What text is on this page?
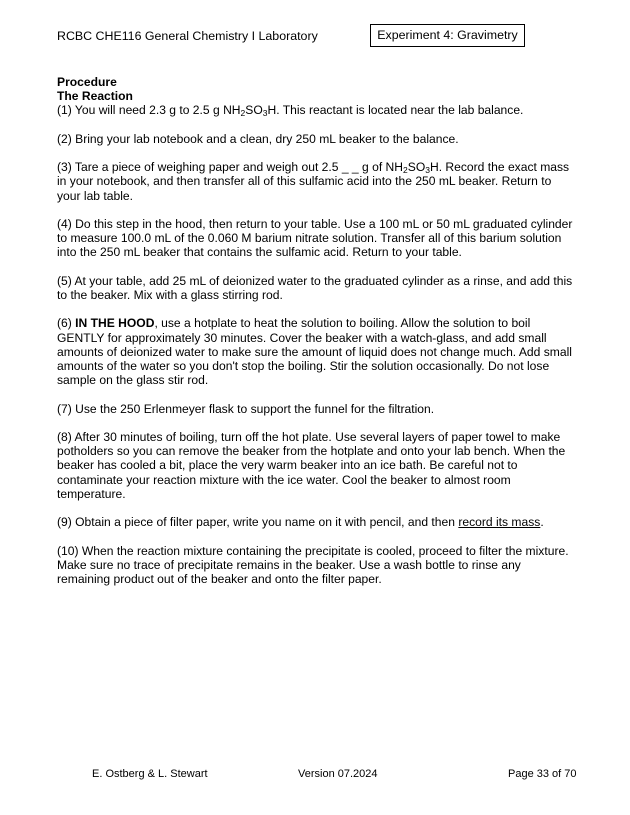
RCBC CHE116 General Chemistry I Laboratory	Experiment 4: Gravimetry
Procedure
The Reaction

(1) You will need 2.3 g to 2.5 g $NH_2SO_3H$. This reactant is located near the lab balance.

(2) Bring your lab notebook and a clean, dry 250 mL beaker to the balance.

(3) Tare a piece of weighing paper and weigh out 2.5 _ _ g of $NH_2SO_3H$. Record the exact mass in your notebook, and then transfer all of this sulfamic acid into the 250 mL beaker. Return to your lab table.

(4) Do this step in the hood, then return to your table. Use a 100 mL or 50 mL graduated cylinder to measure 100.0 mL of the 0.060 M barium nitrate solution. Transfer all of this barium solution into the 250 mL beaker that contains the sulfamic acid. Return to your table.

(5) At your table, add 25 mL of deionized water to the graduated cylinder as a rinse, and add this to the beaker. Mix with a glass stirring rod.

(6) IN THE HOOD, use a hotplate to heat the solution to boiling. Allow the solution to boil GENTLY for approximately 30 minutes. Cover the beaker with a watch-glass, and add small amounts of deionized water to make sure the amount of liquid does not change much. Add small amounts of the water so you don't stop the boiling. Stir the solution occasionally. Do not lose sample on the glass stir rod.

(7) Use the 250 Erlenmeyer flask to support the funnel for the filtration.

(8) After 30 minutes of boiling, turn off the hot plate. Use several layers of paper towel to make potholders so you can remove the beaker from the hotplate and onto your lab bench. When the beaker has cooled a bit, place the very warm beaker into an ice bath. Be careful not to contaminate your reaction mixture with the ice water. Cool the beaker to almost room temperature.

(9) Obtain a piece of filter paper, write you name on it with pencil, and then record its mass.

(10) When the reaction mixture containing the precipitate is cooled, proceed to filter the mixture. Make sure no trace of precipitate remains in the beaker. Use a wash bottle to rinse any remaining product out of the beaker and onto the filter paper.

E. Ostberg & L. Stewart	Version 07.2024	Page 33 of 70
